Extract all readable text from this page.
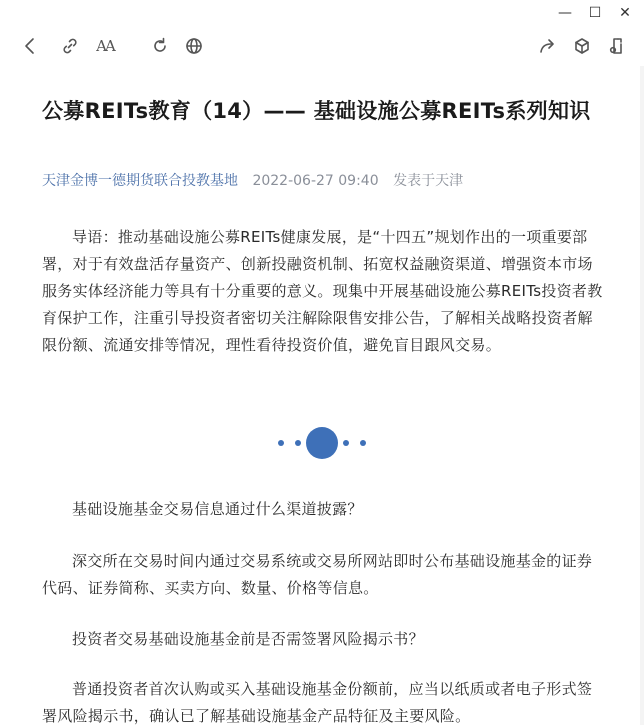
—	☐	✕
AA
公募REITs教育（14）—— 基础设施公募REITs系列知识
天津金博一德期货联合投教基地 2022-06-27 09:40 发表于天津
导语：推动基础设施公募REITs健康发展，是“十四五”规划作出的一项重要部署，对于有效盘活存量资产、创新投融资机制、拓宽权益融资渠道、增强资本市场服务实体经济能力等具有十分重要的意义。现集中开展基础设施公募REITs投资者教育保护工作，注重引导投资者密切关注解除限售安排公告，了解相关战略投资者解限份额、流通安排等情况，理性看待投资价值，避免盲目跟风交易。
基础设施基金交易信息通过什么渠道披露？
深交所在交易时间内通过交易系统或交易所网站即时公布基础设施基金的证券代码、证券简称、买卖方向、数量、价格等信息。
投资者交易基础设施基金前是否需签署风险揭示书？
普通投资者首次认购或买入基础设施基金份额前，应当以纸质或者电子形式签署风险揭示书，确认已了解基础设施基金产品特征及主要风险。
